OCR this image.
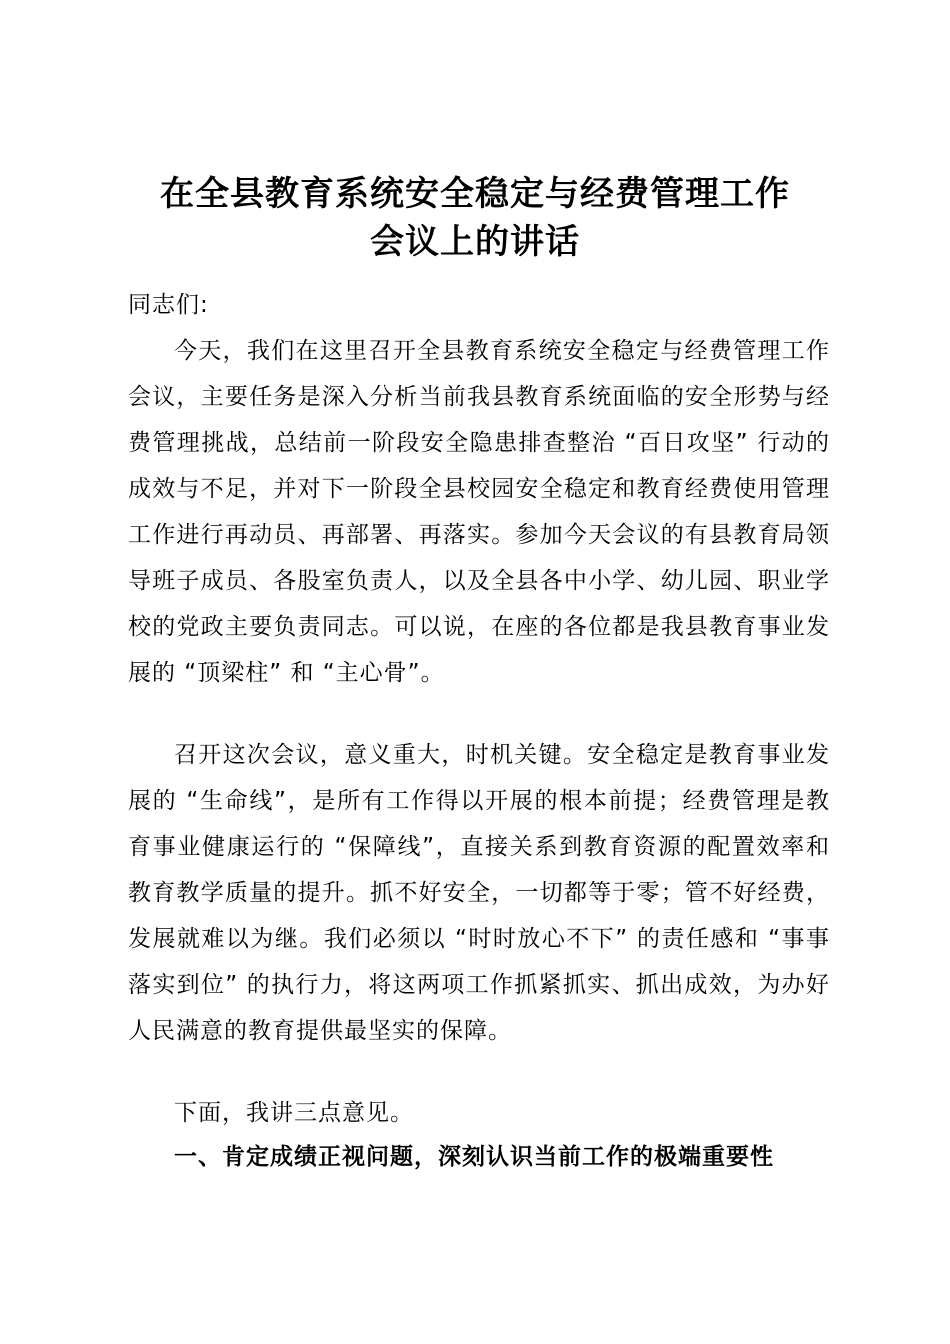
在全县教育系统安全稳定与经费管理工作
会议上的讲话
同志们:
今天，我们在这里召开全县教育系统安全稳定与经费管理工作会议，主要任务是深入分析当前我县教育系统面临的安全形势与经费管理挑战，总结前一阶段安全隐患排查整治 “百日攻坚” 行动的成效与不足，并对下一阶段全县校园安全稳定和教育经费使用管理工作进行再动员、再部署、再落实。参加今天会议的有县教育局领导班子成员、各股室负责人，以及全县各中小学、幼儿园、职业学校的党政主要负责同志。可以说，在座的各位都是我县教育事业发展的 “顶梁柱” 和 “主心骨”。
召开这次会议，意义重大，时机关键。安全稳定是教育事业发展的 “生命线”，是所有工作得以开展的根本前提；经费管理是教育事业健康运行的 “保障线”，直接关系到教育资源的配置效率和教育教学质量的提升。抓不好安全，一切都等于零；管不好经费，发展就难以为继。我们必须以 “时时放心不下” 的责任感和 “事事落实到位” 的执行力，将这两项工作抓紧抓实、抓出成效，为办好人民满意的教育提供最坚实的保障。
下面，我讲三点意见。
一、肯定成绩正视问题，深刻认识当前工作的极端重要性
